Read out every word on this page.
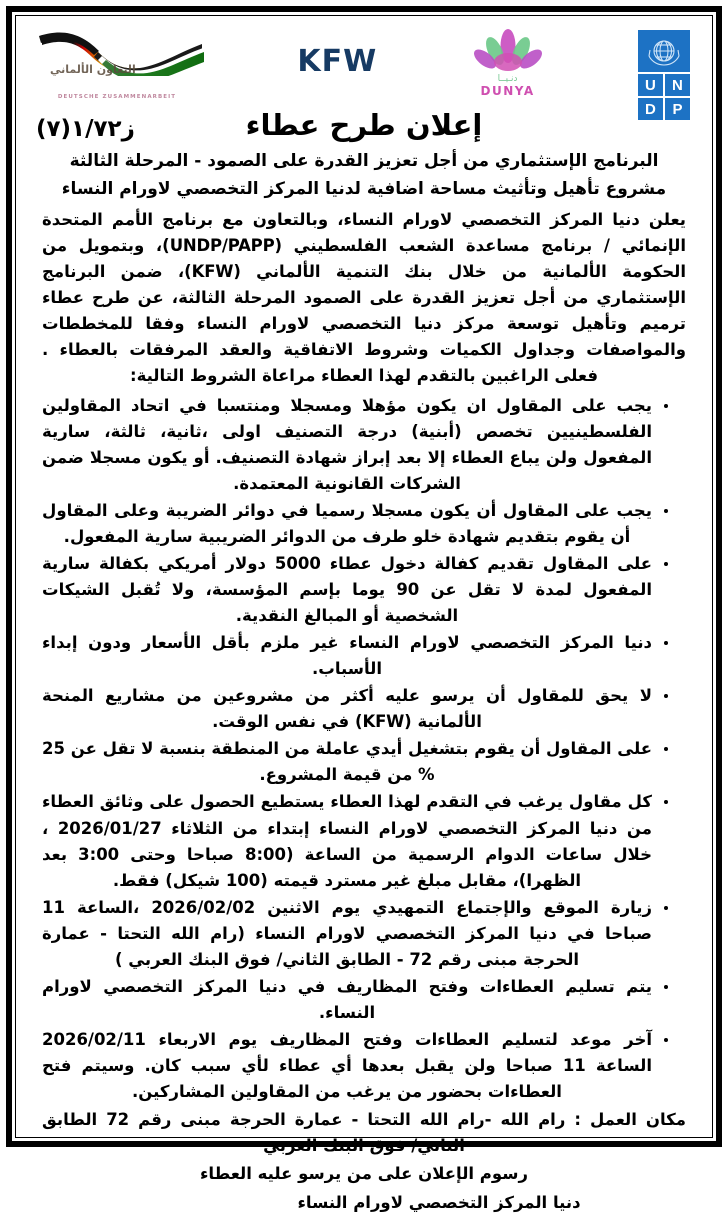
التعاون الألماني
DEUTSCHE ZUSAMMENARBEIT
KFW	دنـيــا
DUNYA	U	N
D	P
ز٢٧/١(٧)	إعلان طرح عطاء
البرنامج الإستثماري من أجل تعزيز القدرة على الصمود - المرحلة الثالثة
مشروع تأهيل وتأثيث مساحة اضافية لدنيا المركز التخصصي لاورام النساء

يعلن دنيا المركز التخصصي لاورام النساء، وبالتعاون مع برنامج الأمم المتحدة الإنمائي / برنامج مساعدة الشعب الفلسطيني (UNDP/PAPP)، وبتمويل من الحكومة الألمانية من خلال بنك التنمية الألماني (KFW)، ضمن البرنامج الإستثماري من أجل تعزيز القدرة على الصمود المرحلة الثالثة، عن طرح عطاء ترميم وتأهيل توسعة مركز دنيا التخصصي لاورام النساء وفقا للمخططات والمواصفات وجداول الكميات وشروط الاتفاقية والعقد المرفقات بالعطاء . فعلى الراغبين بالتقدم لهذا العطاء مراعاة الشروط التالية:

يجب على المقاول ان يكون مؤهلا ومسجلا ومنتسبا في اتحاد المقاولين الفلسطينيين تخصص (أبنية) درجة التصنيف اولى ،ثانية، ثالثة، سارية المفعول ولن يباع العطاء إلا بعد إبراز شهادة التصنيف. أو يكون مسجلا ضمن الشركات القانونية المعتمدة.
يجب على المقاول أن يكون مسجلا رسميا في دوائر الضريبة وعلى المقاول أن يقوم بتقديم شهادة خلو طرف من الدوائر الضريبية سارية المفعول.
على المقاول تقديم كفالة دخول عطاء 5000 دولار أمريكي بكفالة سارية المفعول لمدة لا تقل عن 90 يوما بإسم المؤسسة، ولا تُقبل الشيكات الشخصية أو المبالغ النقدية.
دنيا المركز التخصصي لاورام النساء غير ملزم بأقل الأسعار ودون إبداء الأسباب.
لا يحق للمقاول أن يرسو عليه أكثر من مشروعين من مشاريع المنحة الألمانية (KFW) في نفس الوقت.
على المقاول أن يقوم بتشغيل أيدي عاملة من المنطقة بنسبة لا تقل عن 25 % من قيمة المشروع.
كل مقاول يرغب في التقدم لهذا العطاء يستطيع الحصول على وثائق العطاء من دنيا المركز التخصصي لاورام النساء إبتداء من الثلاثاء 2026/01/27 ، خلال ساعات الدوام الرسمية من الساعة (8:00 صباحا وحتى 3:00 بعد الظهرا)، مقابل مبلغ غير مسترد قيمته (100 شيكل) فقط.
زيارة الموقع والإجتماع التمهيدي يوم الاثنين 2026/02/02 ،الساعة 11 صباحا في دنيا المركز التخصصي لاورام النساء (رام الله التحتا - عمارة الحرجة مبنى رقم 72 - الطابق الثاني/ فوق البنك العربي )
يتم تسليم العطاءات وفتح المظاريف في دنيا المركز التخصصي لاورام النساء.
آخر موعد لتسليم العطاءات وفتح المظاريف يوم الاربعاء 2026/02/11 الساعة 11 صباحا ولن يقبل بعدها أي عطاء لأي سبب كان. وسيتم فتح العطاءات بحضور من يرغب من المقاولين المشاركين.
مكان العمل : رام الله -رام الله التحتا - عمارة الحرجة مبنى رقم 72 الطابق الثاني/ فوق البنك العربي
رسوم الإعلان على من يرسو عليه العطاء
دنيا المركز التخصصي لاورام النساء
